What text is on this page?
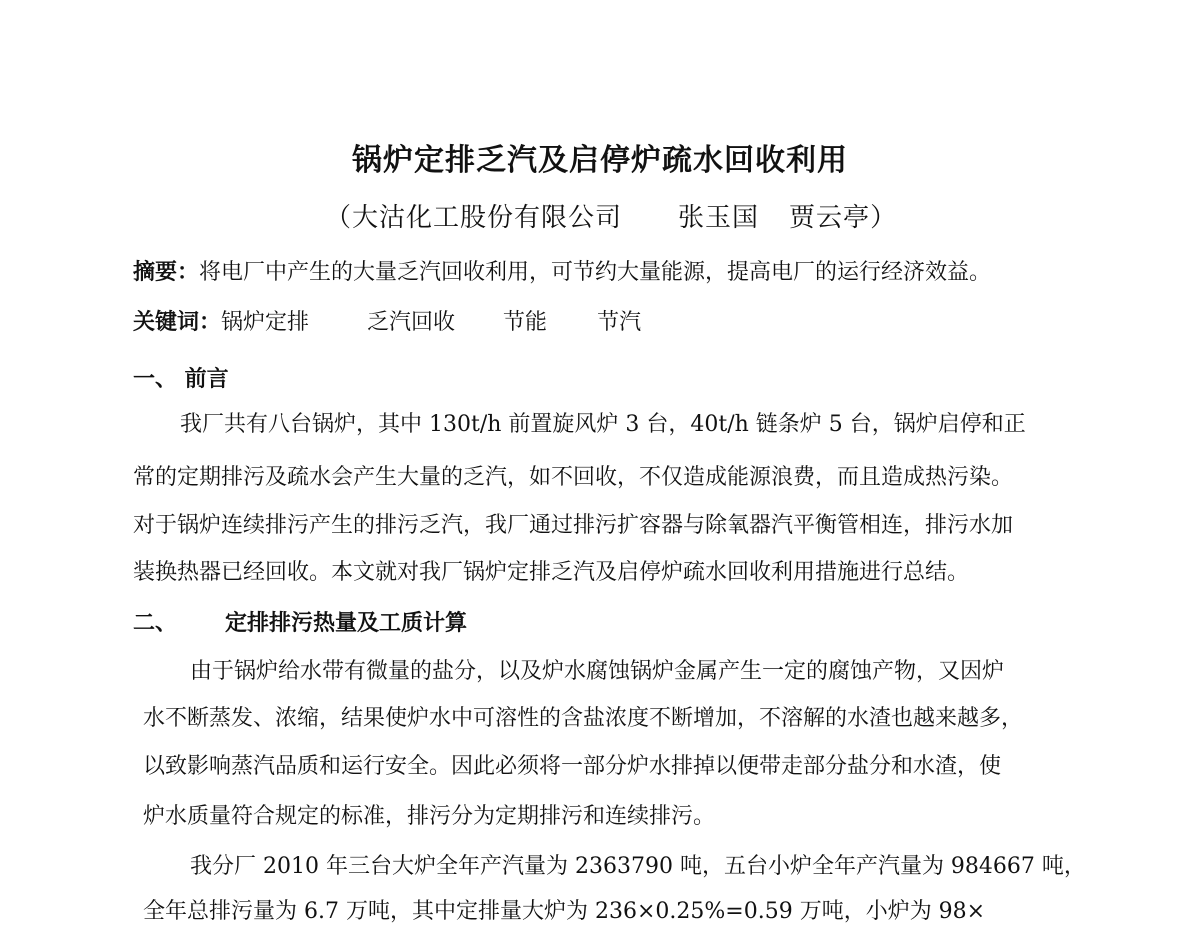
锅炉定排乏汽及启停炉疏水回收利用
（大沽化工股份有限公司 张玉国 贾云亭）
摘要：将电厂中产生的大量乏汽回收利用，可节约大量能源，提高电厂的运行经济效益。
关键词：锅炉定排	乏汽回收 节能 节汽
一、 前言
我厂共有八台锅炉，其中 130t/h 前置旋风炉 3 台，40t/h 链条炉 5 台，锅炉启停和正
常的定期排污及疏水会产生大量的乏汽，如不回收，不仅造成能源浪费，而且造成热污染。
对于锅炉连续排污产生的排污乏汽，我厂通过排污扩容器与除氧器汽平衡管相连，排污水加
装换热器已经回收。本文就对我厂锅炉定排乏汽及启停炉疏水回收利用措施进行总结。
二、 定排排污热量及工质计算
由于锅炉给水带有微量的盐分，以及炉水腐蚀锅炉金属产生一定的腐蚀产物，又因炉
水不断蒸发、浓缩，结果使炉水中可溶性的含盐浓度不断增加，不溶解的水渣也越来越多，
以致影响蒸汽品质和运行安全。因此必须将一部分炉水排掉以便带走部分盐分和水渣，使
炉水质量符合规定的标准，排污分为定期排污和连续排污。
我分厂 2010 年三台大炉全年产汽量为 2363790 吨，五台小炉全年产汽量为 984667 吨，
全年总排污量为 6.7 万吨，其中定排量大炉为 236×0.25%=0.59 万吨，小炉为 98×
